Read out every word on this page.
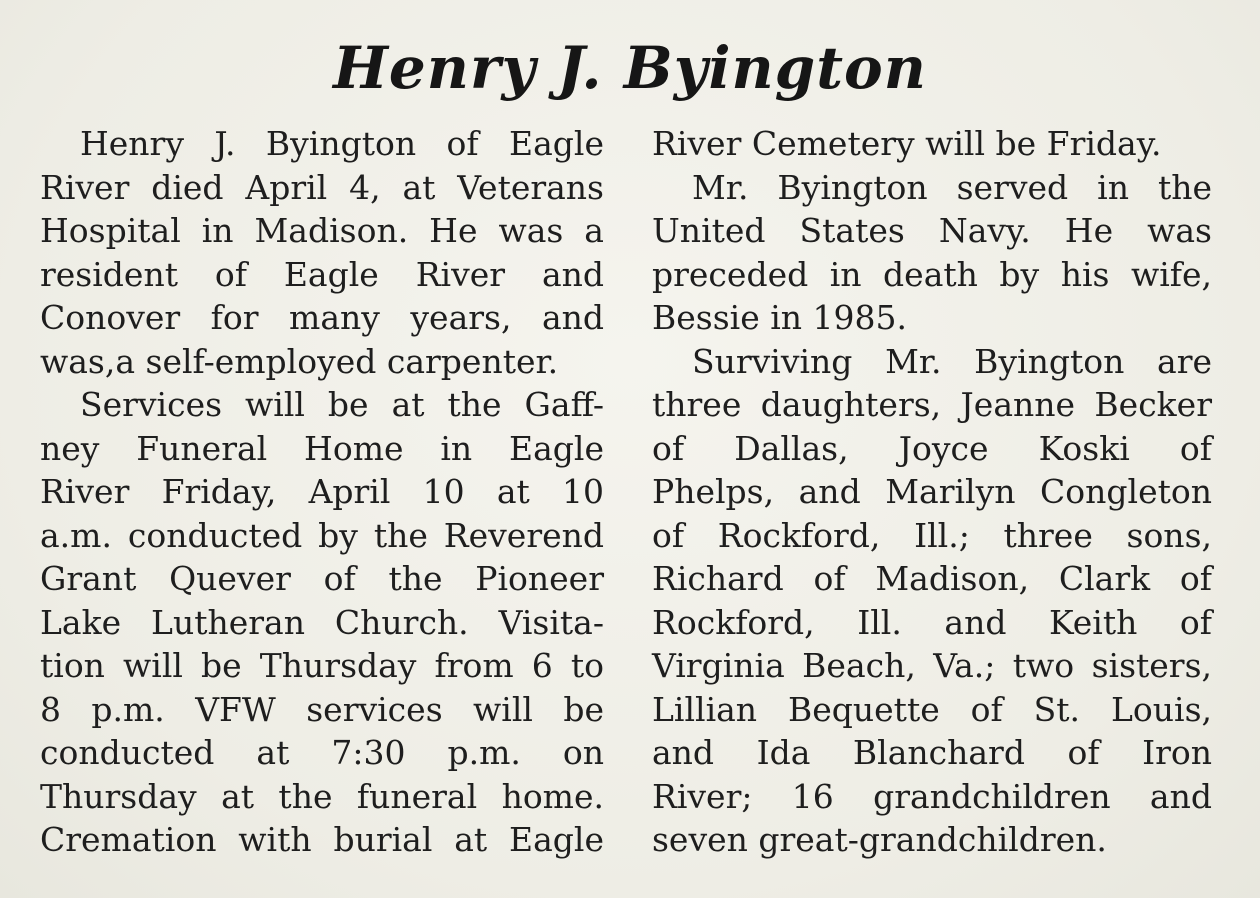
Henry J. Byington
Henry J. Byington of Eagle
River died April 4, at Veterans
Hospital in Madison. He was a
resident of Eagle River and
Conover for many years, and
was,a self-employed carpenter.
Services will be at the Gaff-
ney Funeral Home in Eagle
River Friday, April 10 at 10
a.m. conducted by the Reverend
Grant Quever of the Pioneer
Lake Lutheran Church. Visita-
tion will be Thursday from 6 to
8 p.m. VFW services will be
conducted at 7:30 p.m. on
Thursday at the funeral home.
Cremation with burial at Eagle
River Cemetery will be Friday.
Mr. Byington served in the
United States Navy. He was
preceded in death by his wife,
Bessie in 1985.
Surviving Mr. Byington are
three daughters, Jeanne Becker
of Dallas, Joyce Koski of
Phelps, and Marilyn Congleton
of Rockford, Ill.; three sons,
Richard of Madison, Clark of
Rockford, Ill. and Keith of
Virginia Beach, Va.; two sisters,
Lillian Bequette of St. Louis,
and Ida Blanchard of Iron
River; 16 grandchildren and
seven great-grandchildren.
